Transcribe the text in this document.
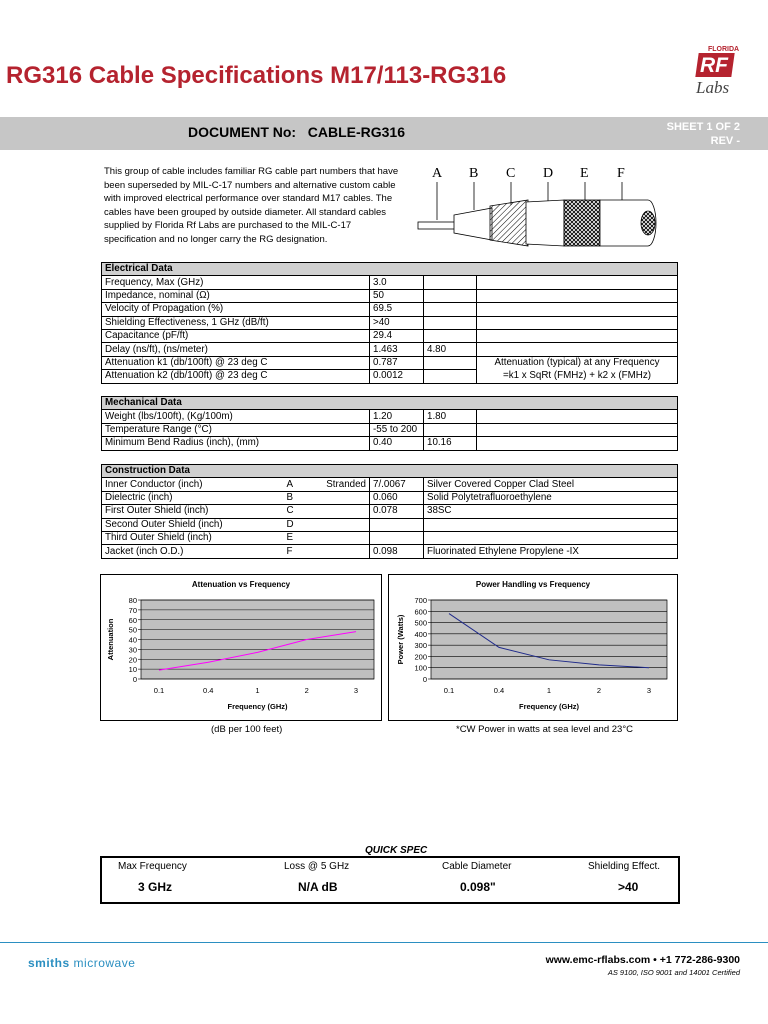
RG316 Cable Specifications M17/113-RG316
FLORIDA
RF
Labs
DOCUMENT No:   CABLE-RG316	SHEET 1 OF 2
REV -
This group of cable includes familiar RG cable part numbers that have been superseded by MIL-C-17 numbers and alternative custom cable with improved electrical performance over standard M17 cables. The cables have been grouped by outside diameter. All standard cables supplied by Florida Rf Labs are purchased to the MIL-C-17 specification and no longer carry the RG designation.
A B C D E F
Electrical Data			
Frequency, Max (GHz)	3.0		
Impedance, nominal (Ω)	50		
Velocity of Propagation (%)	69.5		
Shielding Effectiveness, 1 GHz (dB/ft)	>40		
Capacitance (pF/ft)	29.4		
Delay (ns/ft), (ns/meter)	1.463	4.80	
Attenuation k1 (db/100ft) @ 23 deg C	0.787		Attenuation (typical) at any Frequency
Attenuation k2 (db/100ft) @ 23 deg C	0.0012		=k1 x SqRt (FMHz) + k2 x (FMHz)
Mechanical Data			
Weight (lbs/100ft), (Kg/100m)	1.20	1.80	
Temperature Range (°C)	-55 to 200		
Minimum Bend Radius (inch), (mm)	0.40	10.16	
Construction Data				
Inner Conductor (inch)	A	Stranded	7/.0067	Silver Covered Copper Clad Steel
Dielectric (inch)	B		0.060	Solid Polytetrafluoroethylene
First Outer Shield (inch)	C		0.078	38SC
Second Outer Shield (inch)	D			
Third Outer Shield (inch)	E			
Jacket (inch O.D.)	F		0.098	Fluorinated Ethylene Propylene -IX
Attenuation vs Frequency
0
10
20
30
40
50
60
70
80
0.1	0.4	1	2	3
Frequency (GHz)
Attenuation
(dB per 100 feet)
Power Handling vs Frequency
0
100
200
300
400
500
600
700
0.1	0.4	1	2	3
Frequency (GHz)
Power (Watts)
*CW Power in watts at sea level and 23°C
QUICK SPEC
Max Frequency	Loss @ 5 GHz	Cable Diameter	Shielding Effect.
3 GHz	N/A dB	0.098"	>40
smiths microwave	www.emc-rflabs.com • +1 772-286-9300
AS 9100, ISO 9001 and 14001 Certified
